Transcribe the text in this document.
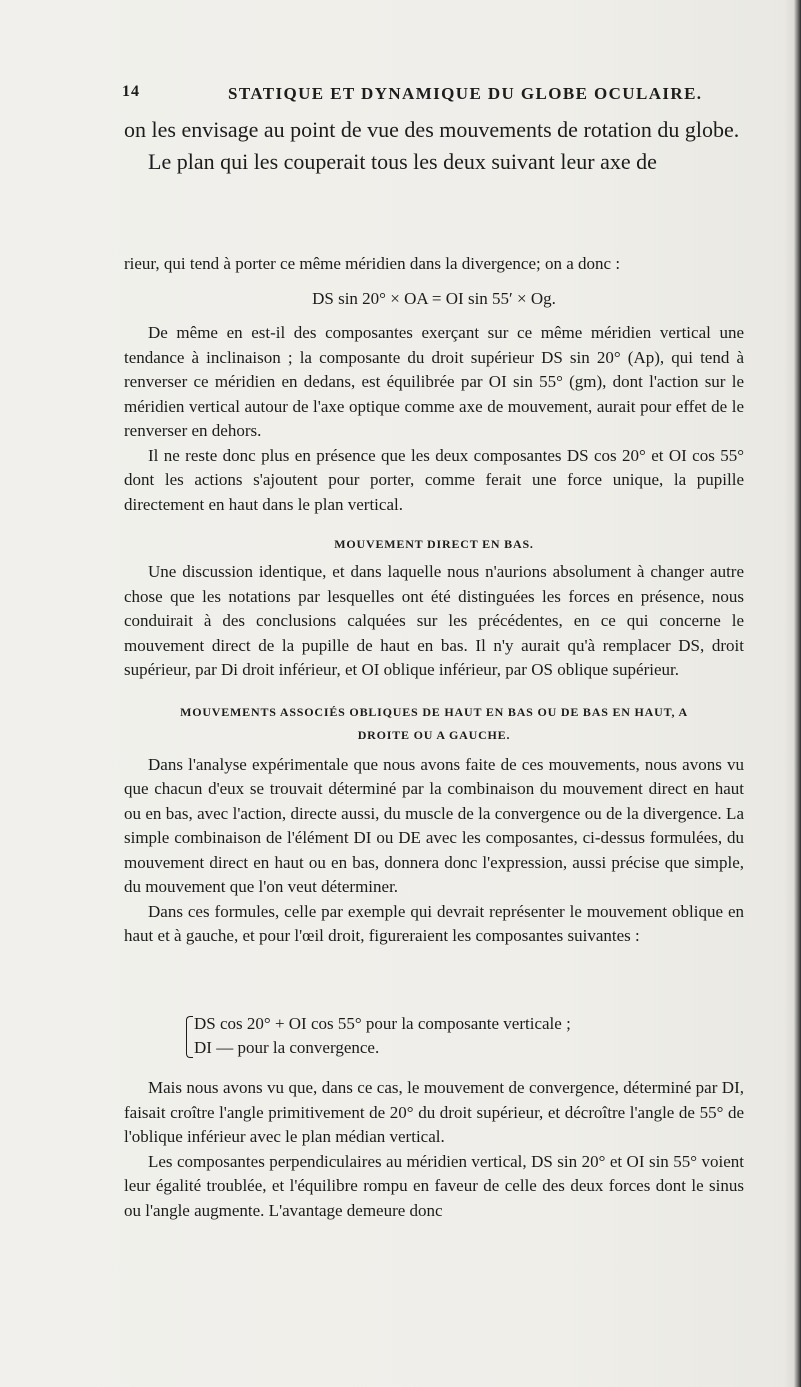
14	STATIQUE ET DYNAMIQUE DU GLOBE OCULAIRE.

on les envisage au point de vue des mouvements de rotation du globe.

Le plan qui les couperait tous les deux suivant leur axe de

rieur, qui tend à porter ce même méridien dans la divergence; on a donc :

DS sin 20° × OA = OI sin 55′ × Og.

De même en est-il des composantes exerçant sur ce même méridien vertical une tendance à inclinaison ; la composante du droit supérieur DS sin 20° (Ap), qui tend à renverser ce méridien en dedans, est équilibrée par OI sin 55° (gm), dont l'action sur le méridien vertical autour de l'axe optique comme axe de mouvement, aurait pour effet de le renverser en dehors.

Il ne reste donc plus en présence que les deux composantes DS cos 20° et OI cos 55° dont les actions s'ajoutent pour porter, comme ferait une force unique, la pupille directement en haut dans le plan vertical.

MOUVEMENT DIRECT EN BAS.

Une discussion identique, et dans laquelle nous n'aurions absolument à changer autre chose que les notations par lesquelles ont été distinguées les forces en présence, nous conduirait à des conclusions calquées sur les précédentes, en ce qui concerne le mouvement direct de la pupille de haut en bas. Il n'y aurait qu'à remplacer DS, droit supérieur, par Di droit inférieur, et OI oblique inférieur, par OS oblique supérieur.

MOUVEMENTS ASSOCIÉS OBLIQUES DE HAUT EN BAS OU DE BAS EN HAUT, A DROITE OU A GAUCHE.

Dans l'analyse expérimentale que nous avons faite de ces mouvements, nous avons vu que chacun d'eux se trouvait déterminé par la combinaison du mouvement direct en haut ou en bas, avec l'action, directe aussi, du muscle de la convergence ou de la divergence. La simple combinaison de l'élément DI ou DE avec les composantes, ci-dessus formulées, du mouvement direct en haut ou en bas, donnera donc l'expression, aussi précise que simple, du mouvement que l'on veut déterminer.

Dans ces formules, celle par exemple qui devrait représenter le mouvement oblique en haut et à gauche, et pour l'œil droit, figureraient les composantes suivantes :

DS cos 20° + OI cos 55° pour la composante verticale ;
DI — pour la convergence.

Mais nous avons vu que, dans ce cas, le mouvement de convergence, déterminé par DI, faisait croître l'angle primitivement de 20° du droit supérieur, et décroître l'angle de 55° de l'oblique inférieur avec le plan médian vertical.

Les composantes perpendiculaires au méridien vertical, DS sin 20° et OI sin 55° voient leur égalité troublée, et l'équilibre rompu en faveur de celle des deux forces dont le sinus ou l'angle augmente. L'avantage demeure donc
